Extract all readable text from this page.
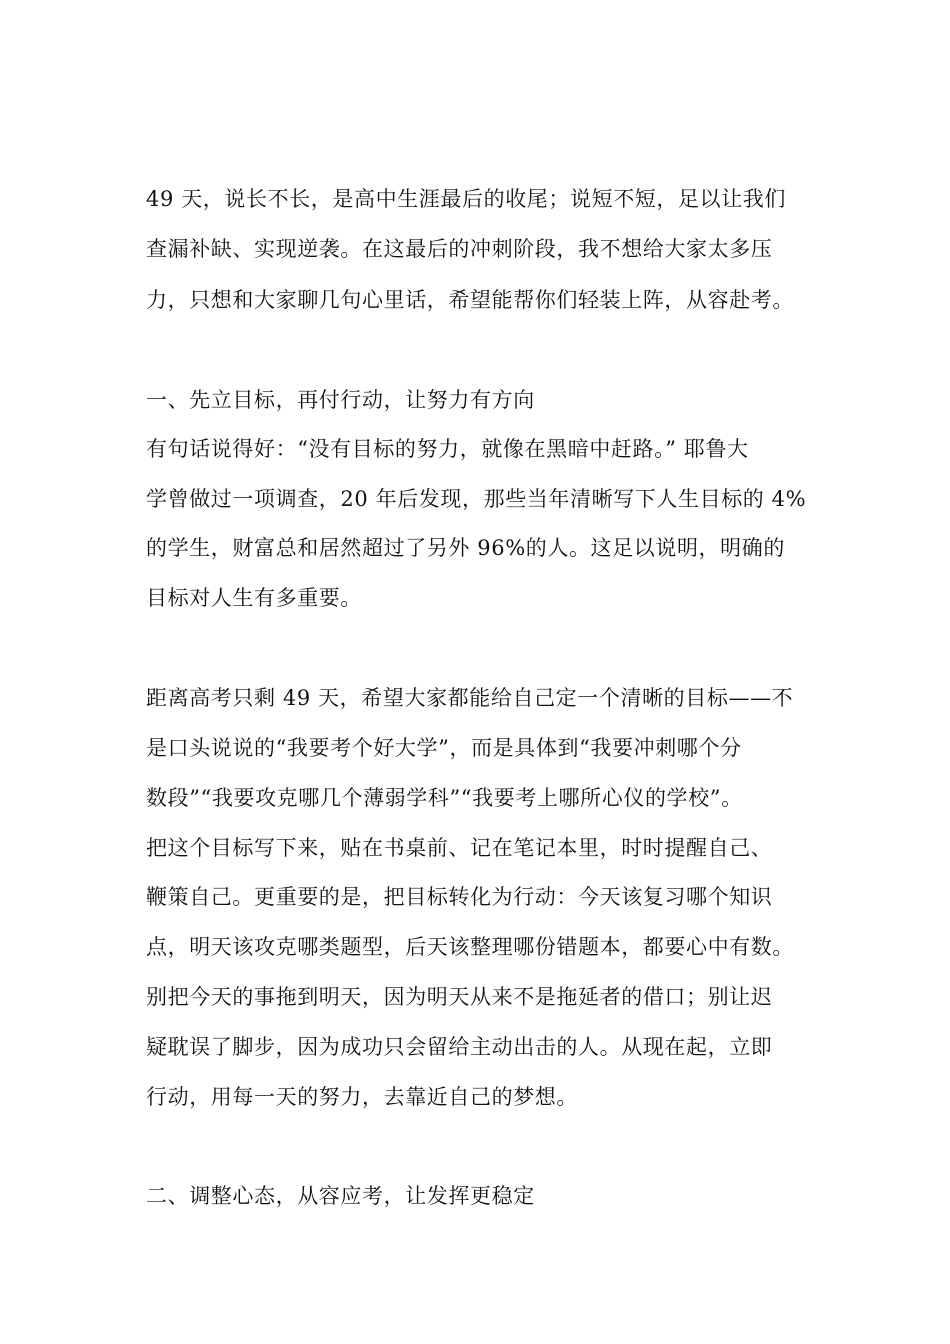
49 天，说长不长，是高中生涯最后的收尾；说短不短，足以让我们
查漏补缺、实现逆袭。在这最后的冲刺阶段，我不想给大家太多压
力，只想和大家聊几句心里话，希望能帮你们轻装上阵，从容赴考。
一、先立目标，再付行动，让努力有方向
有句话说得好：“没有目标的努力，就像在黑暗中赶路。” 耶鲁大
学曾做过一项调查，20 年后发现，那些当年清晰写下人生目标的 4%
的学生，财富总和居然超过了另外 96%的人。这足以说明，明确的
目标对人生有多重要。
距离高考只剩 49 天，希望大家都能给自己定一个清晰的目标——不
是口头说说的“我要考个好大学”，而是具体到“我要冲刺哪个分
数段”“我要攻克哪几个薄弱学科”“我要考上哪所心仪的学校”。
把这个目标写下来，贴在书桌前、记在笔记本里，时时提醒自己、
鞭策自己。更重要的是，把目标转化为行动：今天该复习哪个知识
点，明天该攻克哪类题型，后天该整理哪份错题本，都要心中有数。
别把今天的事拖到明天，因为明天从来不是拖延者的借口；别让迟
疑耽误了脚步，因为成功只会留给主动出击的人。从现在起，立即
行动，用每一天的努力，去靠近自己的梦想。
二、调整心态，从容应考，让发挥更稳定
